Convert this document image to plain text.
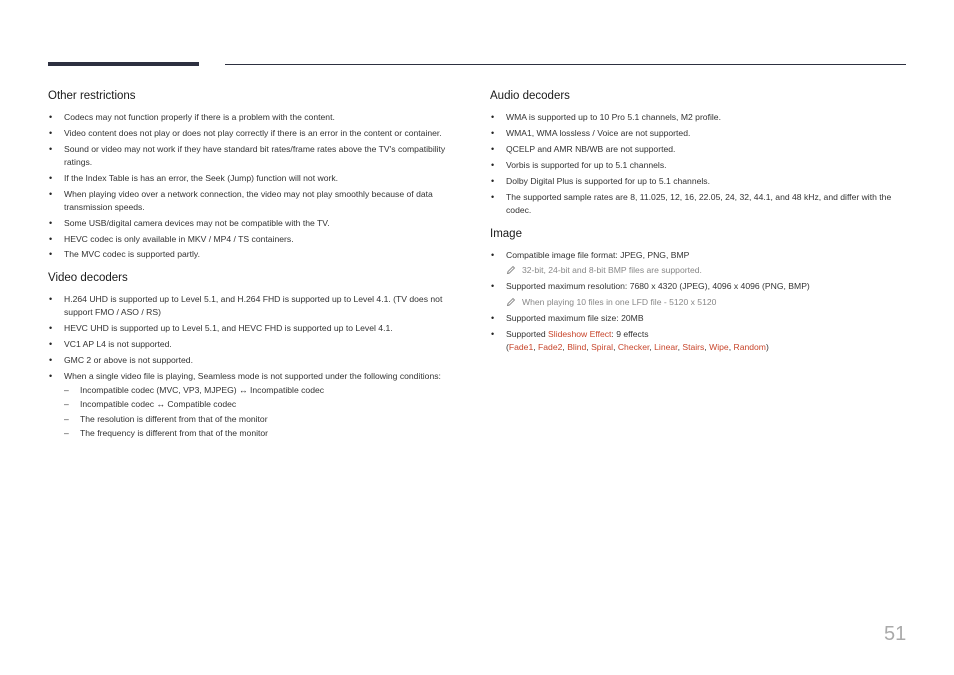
Other restrictions
• Codecs may not function properly if there is a problem with the content.
• Video content does not play or does not play correctly if there is an error in the content or container.
• Sound or video may not work if they have standard bit rates/frame rates above the TV's compatibility ratings.
• If the Index Table is has an error, the Seek (Jump) function will not work.
• When playing video over a network connection, the video may not play smoothly because of data transmission speeds.
• Some USB/digital camera devices may not be compatible with the TV.
• HEVC codec is only available in MKV / MP4 / TS containers.
• The MVC codec is supported partly.
Video decoders
• H.264 UHD is supported up to Level 5.1, and H.264 FHD is supported up to Level 4.1. (TV does not support FMO / ASO / RS)
• HEVC UHD is supported up to Level 5.1, and HEVC FHD is supported up to Level 4.1.
• VC1 AP L4 is not supported.
• GMC 2 or above is not supported.
• When a single video file is playing, Seamless mode is not supported under the following conditions:
– Incompatible codec (MVC, VP3, MJPEG) ↔ Incompatible codec
– Incompatible codec ↔ Compatible codec
– The resolution is different from that of the monitor
– The frequency is different from that of the monitor
Audio decoders
• WMA is supported up to 10 Pro 5.1 channels, M2 profile.
• WMA1, WMA lossless / Voice are not supported.
• QCELP and AMR NB/WB are not supported.
• Vorbis is supported for up to 5.1 channels.
• Dolby Digital Plus is supported for up to 5.1 channels.
• The supported sample rates are 8, 11.025, 12, 16, 22.05, 24, 32, 44.1, and 48 kHz, and differ with the codec.
Image
• Compatible image file format: JPEG, PNG, BMP
32-bit, 24-bit and 8-bit BMP files are supported.
• Supported maximum resolution: 7680 x 4320 (JPEG), 4096 x 4096 (PNG, BMP)
When playing 10 files in one LFD file - 5120 x 5120
• Supported maximum file size: 20MB
• Supported Slideshow Effect: 9 effects
(Fade1, Fade2, Blind, Spiral, Checker, Linear, Stairs, Wipe, Random)
51
